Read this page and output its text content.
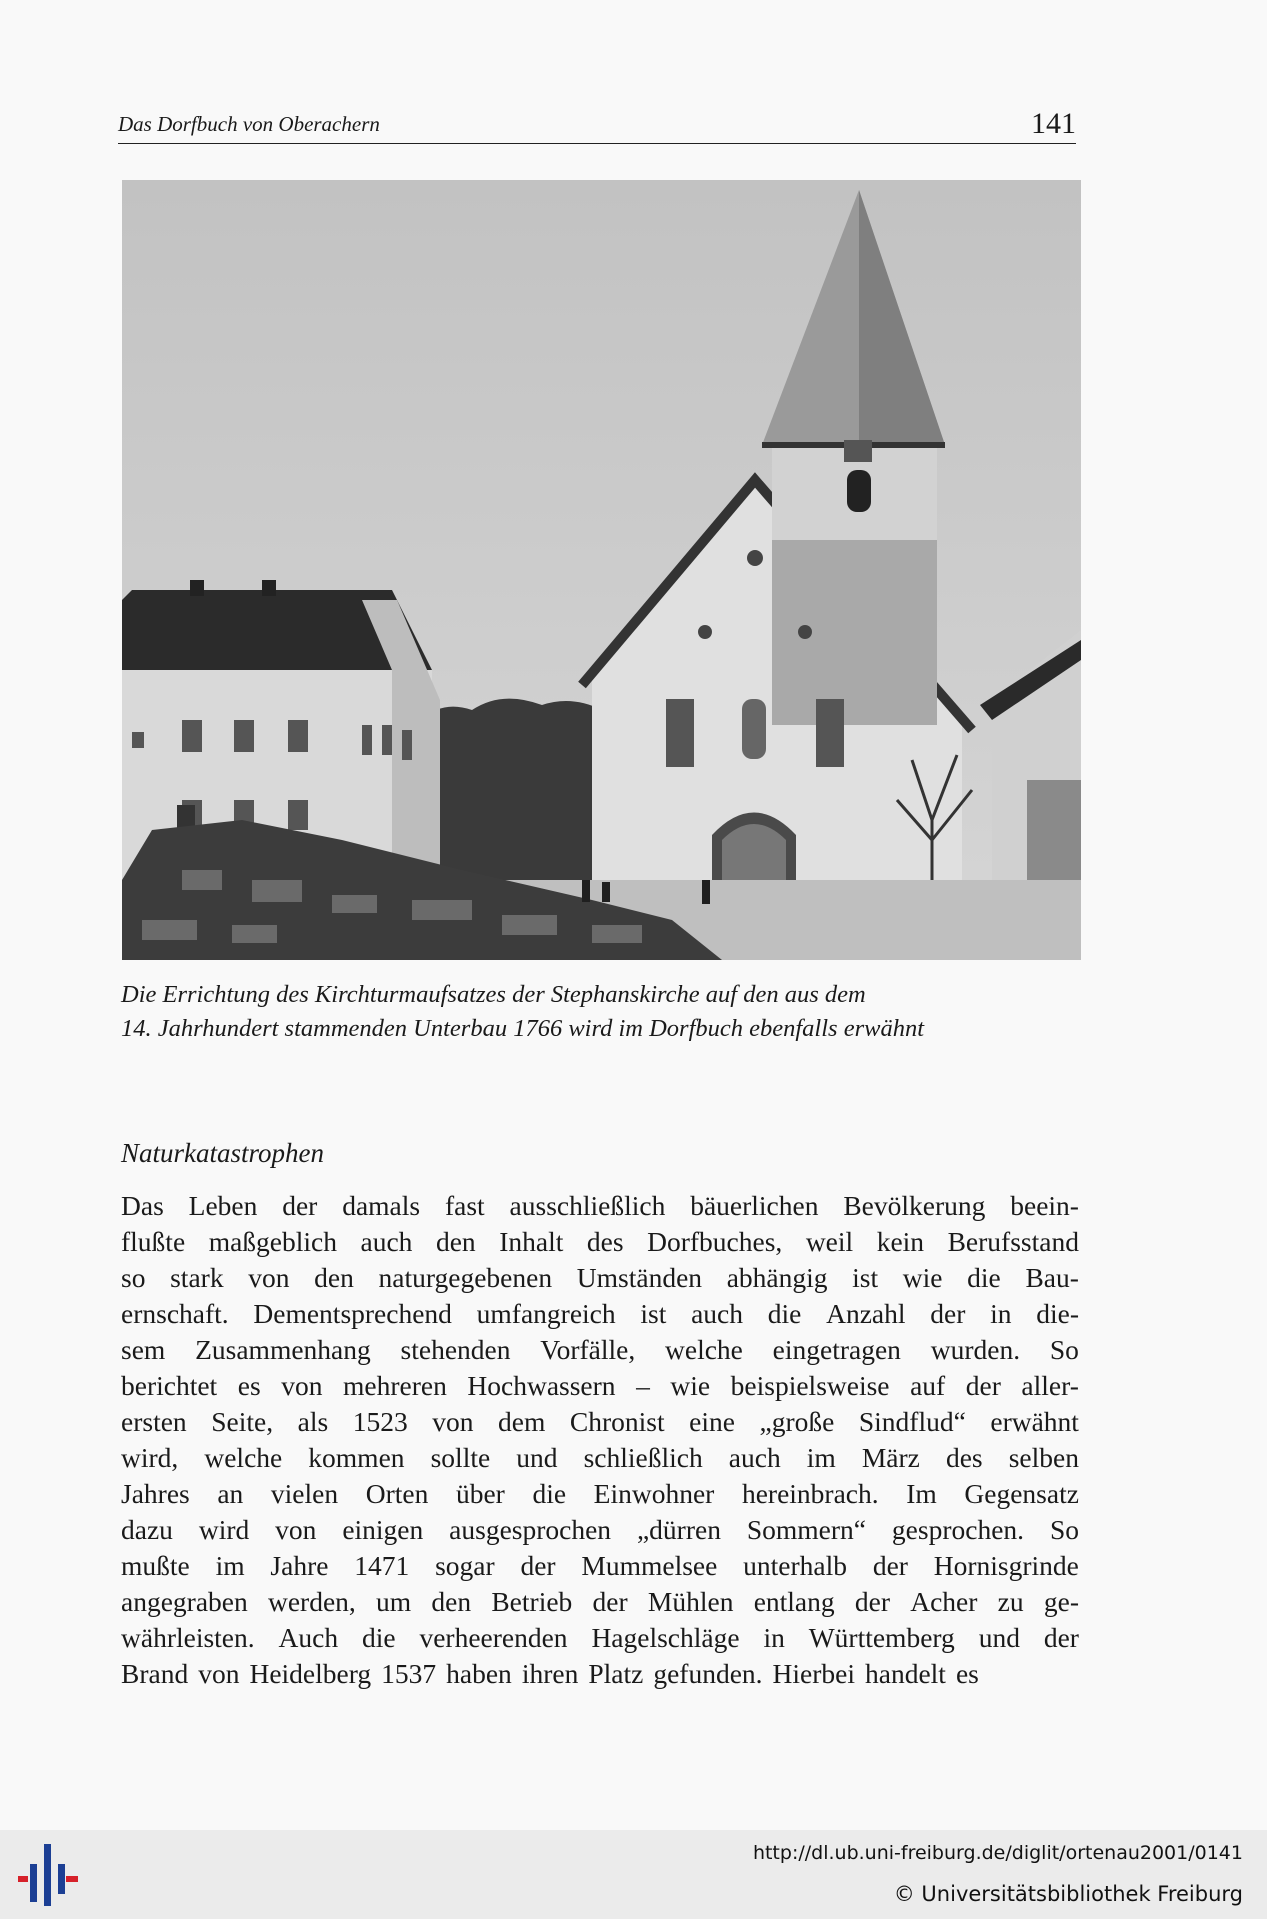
Das Dorfbuch von Oberachern	141
Die Errichtung des Kirchturmaufsatzes der Stephanskirche auf den aus dem
14. Jahrhundert stammenden Unterbau 1766 wird im Dorfbuch ebenfalls erwähnt
Naturkatastrophen
Das Leben der damals fast ausschließlich bäuerlichen Bevölkerung beein-
flußte maßgeblich auch den Inhalt des Dorfbuches, weil kein Berufsstand
so stark von den naturgegebenen Umständen abhängig ist wie die Bau-
ernschaft. Dementsprechend umfangreich ist auch die Anzahl der in die-
sem Zusammenhang stehenden Vorfälle, welche eingetragen wurden. So
berichtet es von mehreren Hochwassern – wie beispielsweise auf der aller-
ersten Seite, als 1523 von dem Chronist eine „große Sindflud“ erwähnt
wird, welche kommen sollte und schließlich auch im März des selben
Jahres an vielen Orten über die Einwohner hereinbrach. Im Gegensatz
dazu wird von einigen ausgesprochen „dürren Sommern“ gesprochen. So
mußte im Jahre 1471 sogar der Mummelsee unterhalb der Hornisgrinde
angegraben werden, um den Betrieb der Mühlen entlang der Acher zu ge-
währleisten. Auch die verheerenden Hagelschläge in Württemberg und der
Brand von Heidelberg 1537 haben ihren Platz gefunden. Hierbei handelt es
http://dl.ub.uni-freiburg.de/diglit/ortenau2001/0141
© Universitätsbibliothek Freiburg
